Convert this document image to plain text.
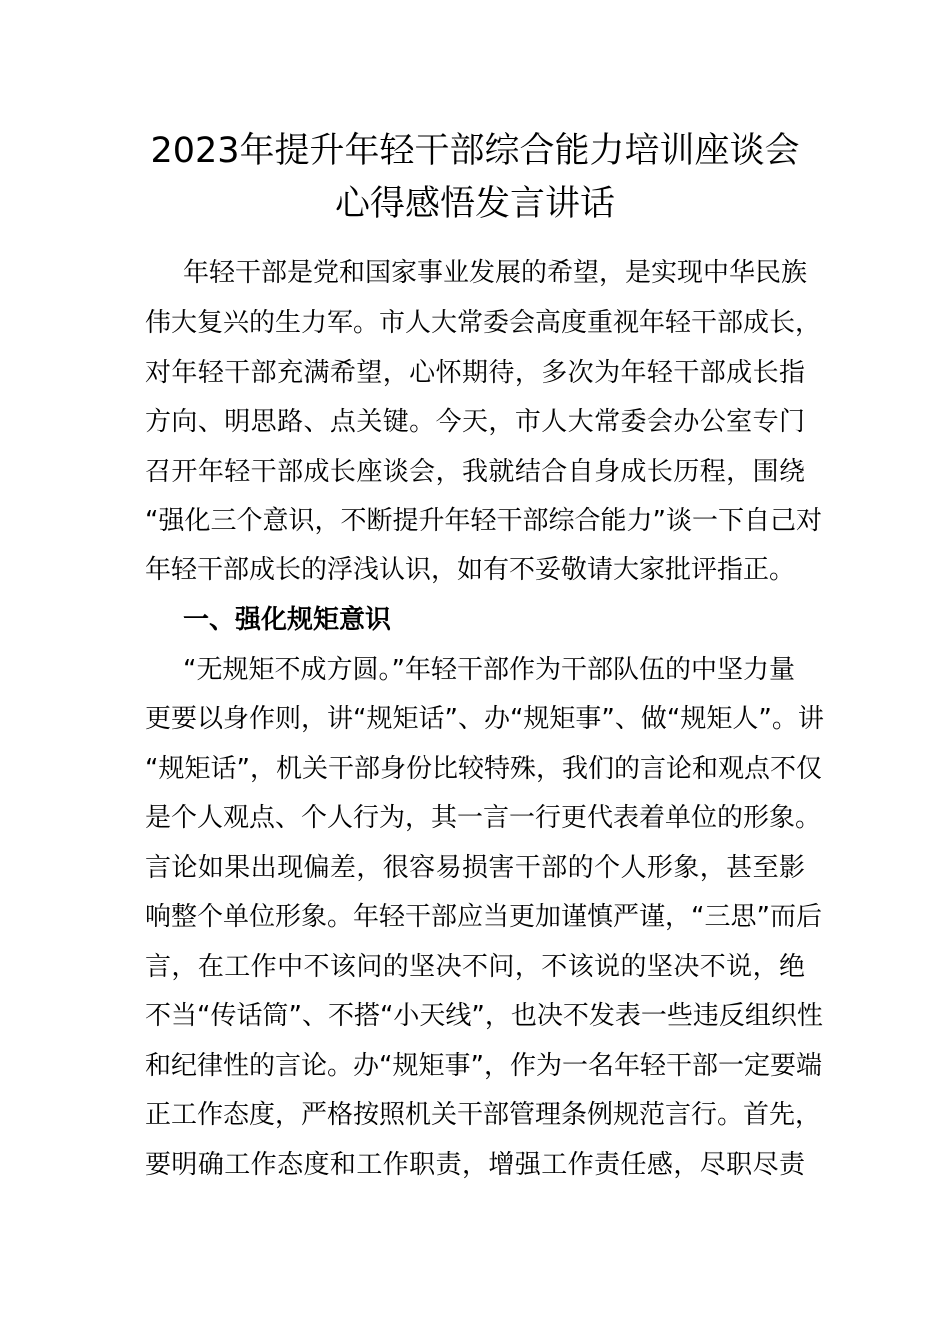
2023年提升年轻干部综合能力培训座谈会
心得感悟发言讲话
年轻干部是党和国家事业发展的希望，是实现中华民族
伟大复兴的生力军。市人大常委会高度重视年轻干部成长，
对年轻干部充满希望，心怀期待，多次为年轻干部成长指
方向、明思路、点关键。今天，市人大常委会办公室专门
召开年轻干部成长座谈会，我就结合自身成长历程，围绕
“强化三个意识，不断提升年轻干部综合能力”谈一下自己对
年轻干部成长的浮浅认识，如有不妥敬请大家批评指正。
一、强化规矩意识
“无规矩不成方圆。”年轻干部作为干部队伍的中坚力量
更要以身作则，讲“规矩话”、办“规矩事”、做“规矩人”。讲
“规矩话”，机关干部身份比较特殊，我们的言论和观点不仅
是个人观点、个人行为，其一言一行更代表着单位的形象。
言论如果出现偏差，很容易损害干部的个人形象，甚至影
响整个单位形象。年轻干部应当更加谨慎严谨，“三思”而后
言，在工作中不该问的坚决不问，不该说的坚决不说，绝
不当“传话筒”、不搭“小天线”，也决不发表一些违反组织性
和纪律性的言论。办“规矩事”，作为一名年轻干部一定要端
正工作态度，严格按照机关干部管理条例规范言行。首先，
要明确工作态度和工作职责，增强工作责任感，尽职尽责
